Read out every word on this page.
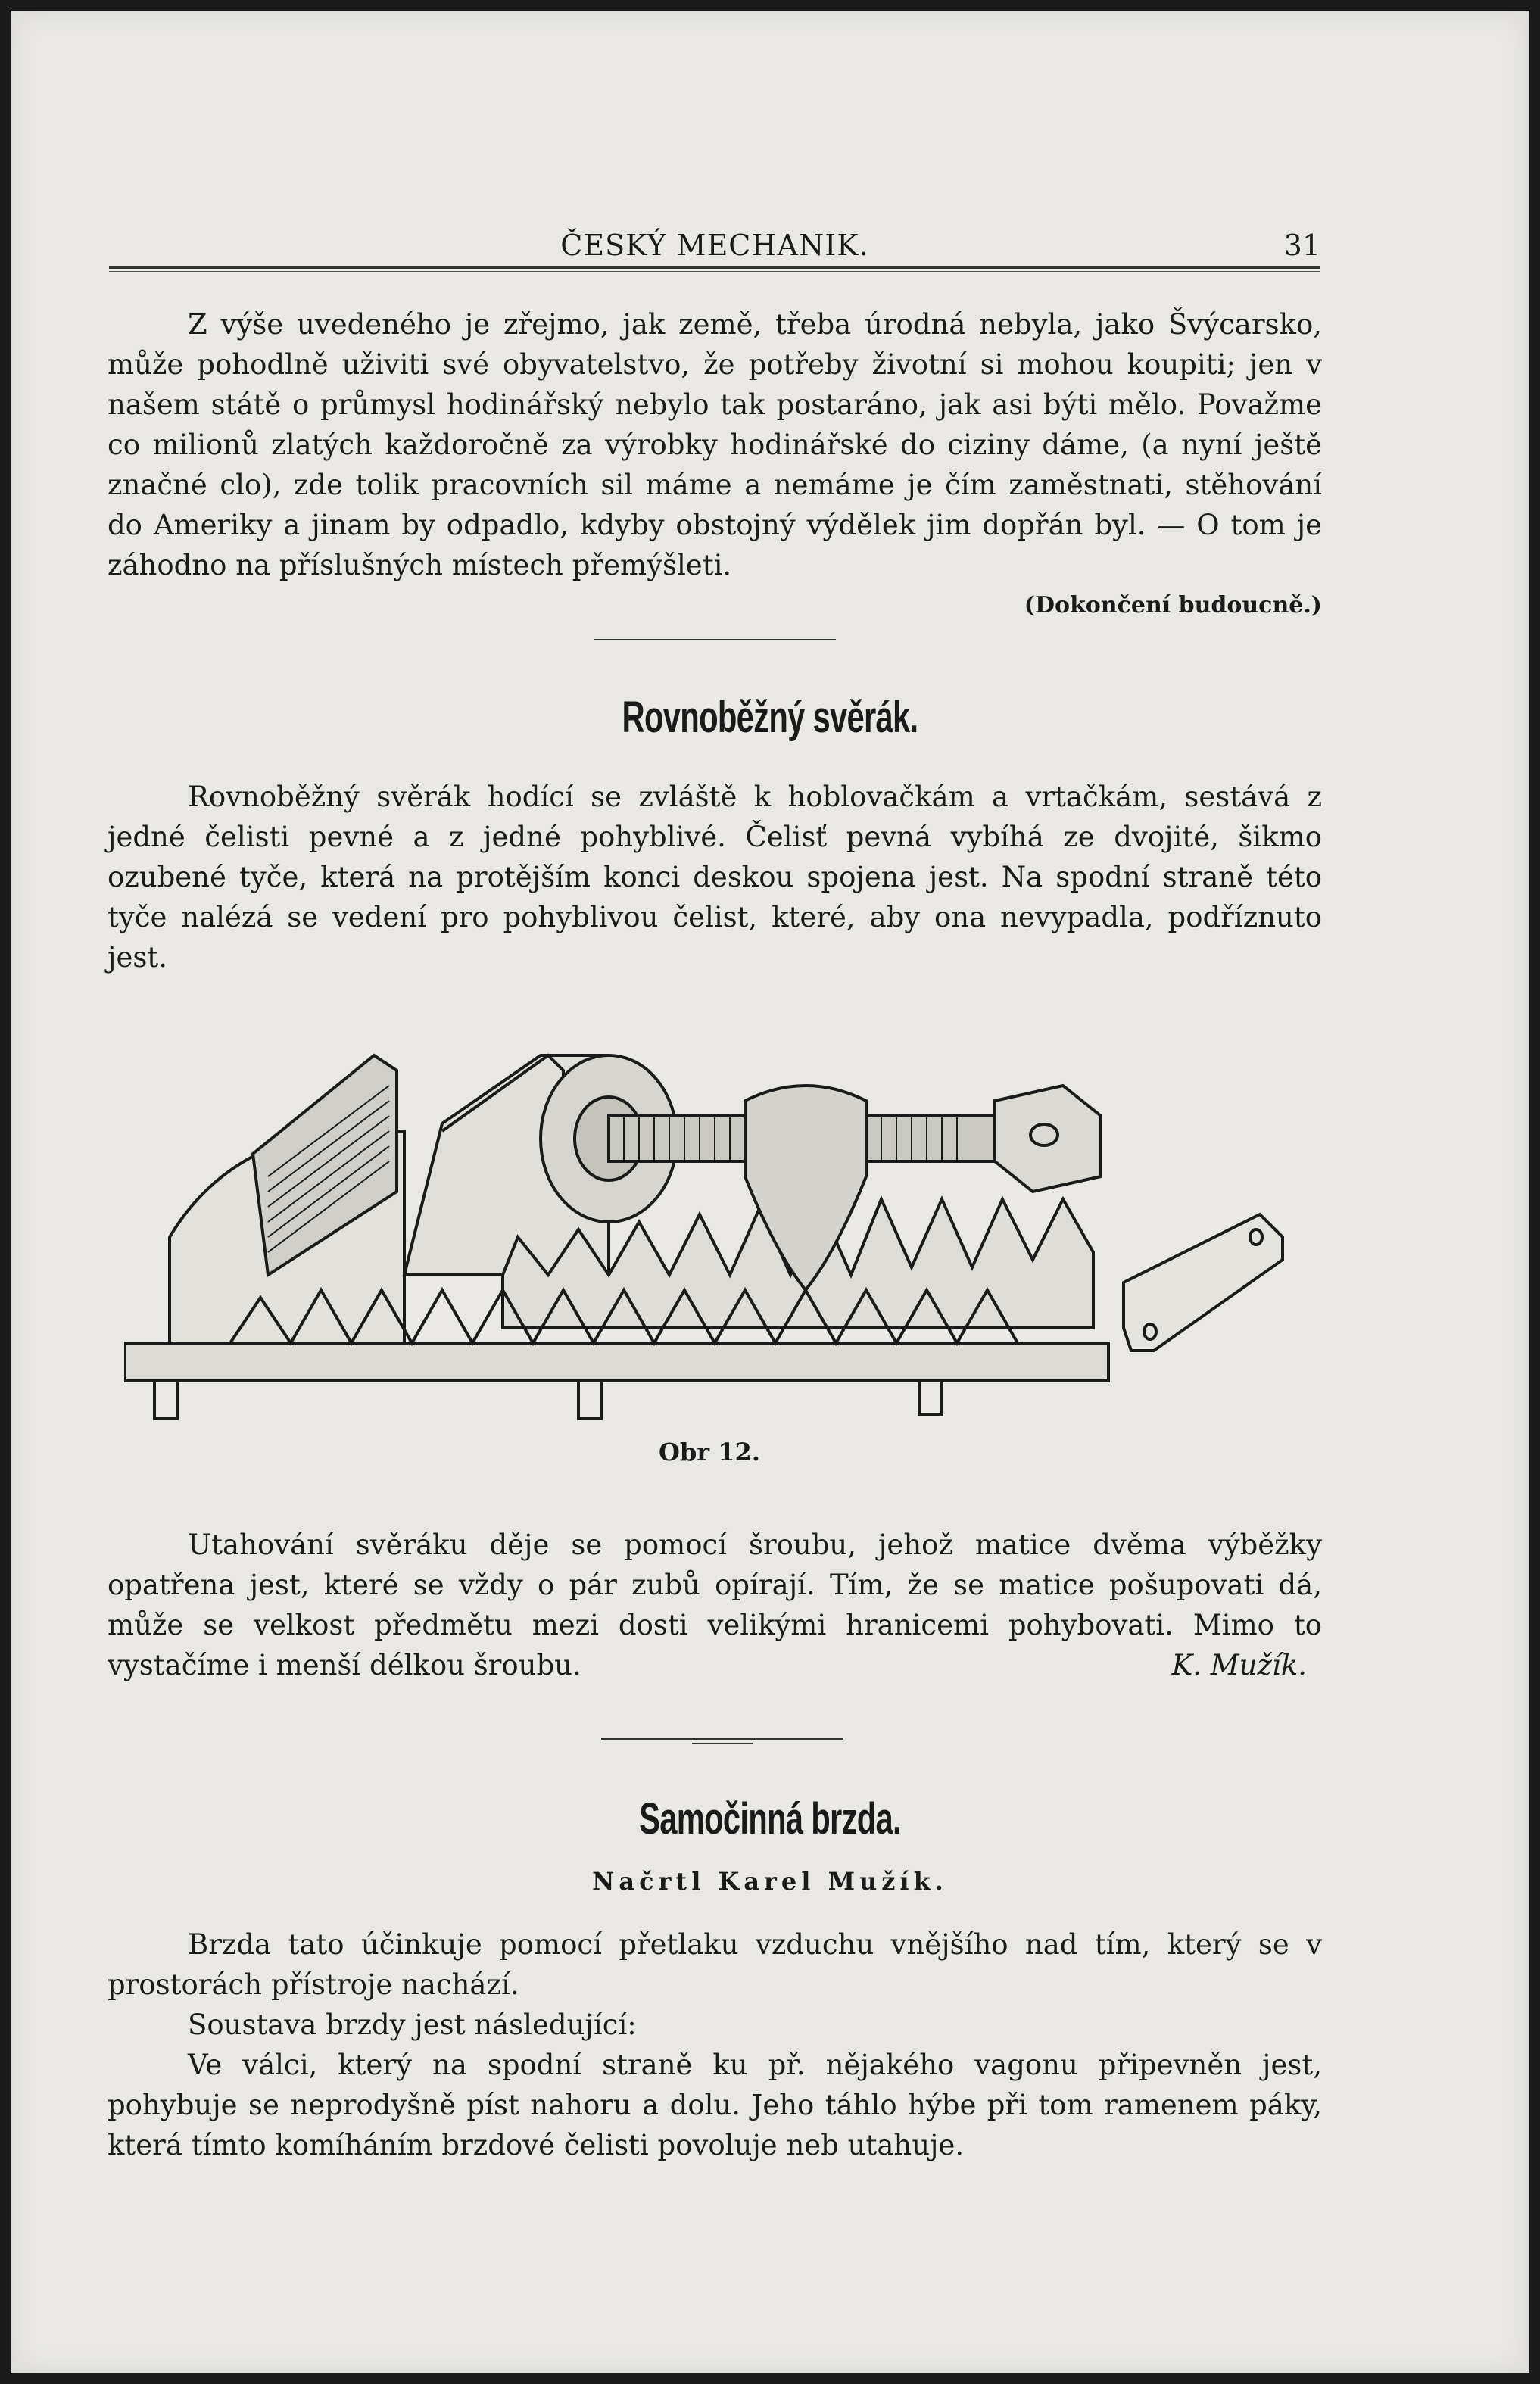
ČESKÝ MECHANIK.	31

Z výše uvedeného je zřejmo, jak země, třeba úrodná nebyla, jako Švýcarsko, může pohodlně uživiti své obyvatelstvo, že potřeby životní si mohou koupiti; jen v našem státě o průmysl hodinářský nebylo tak postaráno, jak asi býti mělo. Považme co milionů zlatých každoročně za výrobky hodinářské do ciziny dáme, (a nyní ještě značné clo), zde tolik pracovních sil máme a nemáme je čím zaměstnati, stěhování do Ameriky a jinam by odpadlo, kdyby obstojný výdělek jim dopřán byl. — O tom je záhodno na příslušných místech přemýšleti.

(Dokončení budoucně.)
Rovnoběžný svěrák.

Rovnoběžný svěrák hodící se zvláště k hoblovačkám a vrtačkám, sestává z jedné čelisti pevné a z jedné pohyblivé. Čelisť pevná vybíhá ze dvojité, šikmo ozubené tyče, která na protějším konci deskou spojena jest. Na spodní straně této tyče nalézá se vedení pro pohyblivou čelist, které, aby ona nevypadla, podříznuto jest.

Obr 12.

Utahování svěráku děje se pomocí šroubu, jehož matice dvěma výběžky opatřena jest, které se vždy o pár zubů opírají. Tím, že se matice pošupovati dá, může se velkost předmětu mezi dosti velikými hranicemi pohybovati. Mimo to vystačíme i menší délkou šroubu.	K. Mužík.

Samočinná brzda.
Načrtl Karel Mužík.

Brzda tato účinkuje pomocí přetlaku vzduchu vnějšího nad tím, který se v prostorách přístroje nachází.

Soustava brzdy jest následující:

Ve válci, který na spodní straně ku př. nějakého vagonu připevněn jest, pohybuje se neprodyšně píst nahoru a dolu. Jeho táhlo hýbe při tom ramenem páky, která tímto komíháním brzdové čelisti povoluje neb utahuje.
